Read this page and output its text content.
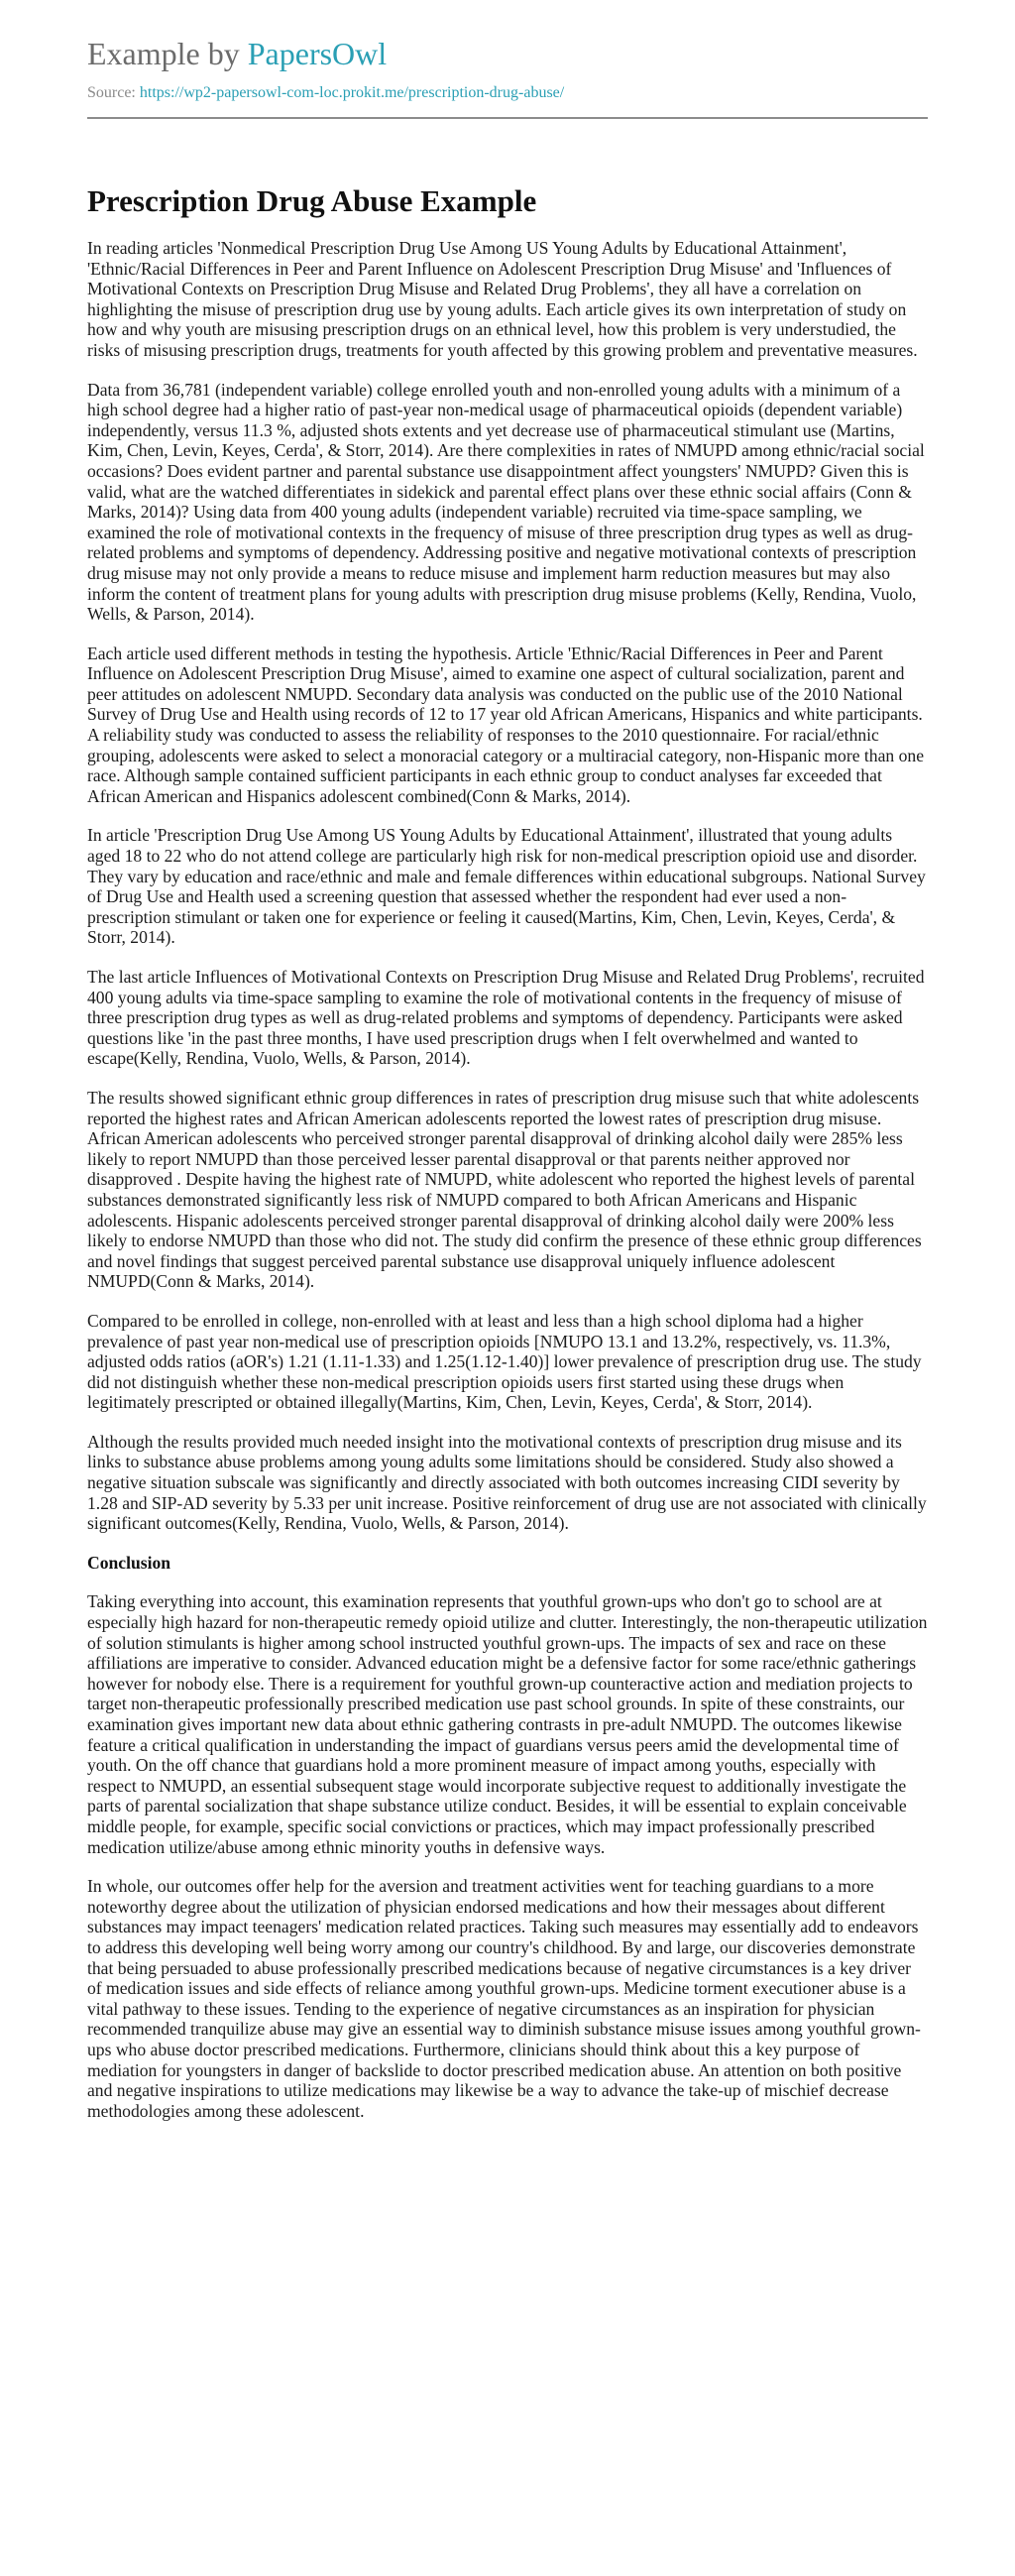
Example by PapersOwl
Source: https://wp2-papersowl-com-loc.prokit.me/prescription-drug-abuse/
Prescription Drug Abuse Example

In reading articles 'Nonmedical Prescription Drug Use Among US Young Adults by Educational Attainment', 'Ethnic/Racial Differences in Peer and Parent Influence on Adolescent Prescription Drug Misuse' and 'Influences of Motivational Contexts on Prescription Drug Misuse and Related Drug Problems', they all have a correlation on highlighting the misuse of prescription drug use by young adults. Each article gives its own interpretation of study on how and why youth are misusing prescription drugs on an ethnical level, how this problem is very understudied, the risks of misusing prescription drugs, treatments for youth affected by this growing problem and preventative measures.

Data from 36,781 (independent variable) college enrolled youth and non-enrolled young adults with a minimum of a high school degree had a higher ratio of past-year non-medical usage of pharmaceutical opioids (dependent variable) independently, versus 11.3 %, adjusted shots extents and yet decrease use of pharmaceutical stimulant use (Martins, Kim, Chen, Levin, Keyes, Cerda', & Storr, 2014). Are there complexities in rates of NMUPD among ethnic/racial social occasions? Does evident partner and parental substance use disappointment affect youngsters' NMUPD? Given this is valid, what are the watched differentiates in sidekick and parental effect plans over these ethnic social affairs (Conn & Marks, 2014)? Using data from 400 young adults (independent variable) recruited via time-space sampling, we examined the role of motivational contexts in the frequency of misuse of three prescription drug types as well as drug-related problems and symptoms of dependency. Addressing positive and negative motivational contexts of prescription drug misuse may not only provide a means to reduce misuse and implement harm reduction measures but may also inform the content of treatment plans for young adults with prescription drug misuse problems (Kelly, Rendina, Vuolo, Wells, & Parson, 2014).

Each article used different methods in testing the hypothesis. Article 'Ethnic/Racial Differences in Peer and Parent Influence on Adolescent Prescription Drug Misuse', aimed to examine one aspect of cultural socialization, parent and peer attitudes on adolescent NMUPD. Secondary data analysis was conducted on the public use of the 2010 National Survey of Drug Use and Health using records of 12 to 17 year old African Americans, Hispanics and white participants. A reliability study was conducted to assess the reliability of responses to the 2010 questionnaire. For racial/ethnic grouping, adolescents were asked to select a monoracial category or a multiracial category, non-Hispanic more than one race. Although sample contained sufficient participants in each ethnic group to conduct analyses far exceeded that African American and Hispanics adolescent combined(Conn & Marks, 2014).

In article 'Prescription Drug Use Among US Young Adults by Educational Attainment', illustrated that young adults aged 18 to 22 who do not attend college are particularly high risk for non-medical prescription opioid use and disorder. They vary by education and race/ethnic and male and female differences within educational subgroups. National Survey of Drug Use and Health used a screening question that assessed whether the respondent had ever used a non-prescription stimulant or taken one for experience or feeling it caused(Martins, Kim, Chen, Levin, Keyes, Cerda', & Storr, 2014).

The last article Influences of Motivational Contexts on Prescription Drug Misuse and Related Drug Problems', recruited 400 young adults via time-space sampling to examine the role of motivational contents in the frequency of misuse of three prescription drug types as well as drug-related problems and symptoms of dependency. Participants were asked questions like 'in the past three months, I have used prescription drugs when I felt overwhelmed and wanted to escape(Kelly, Rendina, Vuolo, Wells, & Parson, 2014).

The results showed significant ethnic group differences in rates of prescription drug misuse such that white adolescents reported the highest rates and African American adolescents reported the lowest rates of prescription drug misuse. African American adolescents who perceived stronger parental disapproval of drinking alcohol daily were 285% less likely to report NMUPD than those perceived lesser parental disapproval or that parents neither approved nor disapproved . Despite having the highest rate of NMUPD, white adolescent who reported the highest levels of parental substances demonstrated significantly less risk of NMUPD compared to both African Americans and Hispanic adolescents. Hispanic adolescents perceived stronger parental disapproval of drinking alcohol daily were 200% less likely to endorse NMUPD than those who did not. The study did confirm the presence of these ethnic group differences and novel findings that suggest perceived parental substance use disapproval uniquely influence adolescent NMUPD(Conn & Marks, 2014).

Compared to be enrolled in college, non-enrolled with at least and less than a high school diploma had a higher prevalence of past year non-medical use of prescription opioids [NMUPO 13.1 and 13.2%, respectively, vs. 11.3%, adjusted odds ratios (aOR's) 1.21 (1.11-1.33) and 1.25(1.12-1.40)] lower prevalence of prescription drug use. The study did not distinguish whether these non-medical prescription opioids users first started using these drugs when legitimately prescripted or obtained illegally(Martins, Kim, Chen, Levin, Keyes, Cerda', & Storr, 2014).

Although the results provided much needed insight into the motivational contexts of prescription drug misuse and its links to substance abuse problems among young adults some limitations should be considered. Study also showed a negative situation subscale was significantly and directly associated with both outcomes increasing CIDI severity by 1.28 and SIP-AD severity by 5.33 per unit increase. Positive reinforcement of drug use are not associated with clinically significant outcomes(Kelly, Rendina, Vuolo, Wells, & Parson, 2014).

Conclusion

Taking everything into account, this examination represents that youthful grown-ups who don't go to school are at especially high hazard for non-therapeutic remedy opioid utilize and clutter. Interestingly, the non-therapeutic utilization of solution stimulants is higher among school instructed youthful grown-ups. The impacts of sex and race on these affiliations are imperative to consider. Advanced education might be a defensive factor for some race/ethnic gatherings however for nobody else. There is a requirement for youthful grown-up counteractive action and mediation projects to target non-therapeutic professionally prescribed medication use past school grounds. In spite of these constraints, our examination gives important new data about ethnic gathering contrasts in pre-adult NMUPD. The outcomes likewise feature a critical qualification in understanding the impact of guardians versus peers amid the developmental time of youth. On the off chance that guardians hold a more prominent measure of impact among youths, especially with respect to NMUPD, an essential subsequent stage would incorporate subjective request to additionally investigate the parts of parental socialization that shape substance utilize conduct. Besides, it will be essential to explain conceivable middle people, for example, specific social convictions or practices, which may impact professionally prescribed medication utilize/abuse among ethnic minority youths in defensive ways.

In whole, our outcomes offer help for the aversion and treatment activities went for teaching guardians to a more noteworthy degree about the utilization of physician endorsed medications and how their messages about different substances may impact teenagers' medication related practices. Taking such measures may essentially add to endeavors to address this developing well being worry among our country's childhood. By and large, our discoveries demonstrate that being persuaded to abuse professionally prescribed medications because of negative circumstances is a key driver of medication issues and side effects of reliance among youthful grown-ups. Medicine torment executioner abuse is a vital pathway to these issues. Tending to the experience of negative circumstances as an inspiration for physician recommended tranquilize abuse may give an essential way to diminish substance misuse issues among youthful grown-ups who abuse doctor prescribed medications. Furthermore, clinicians should think about this a key purpose of mediation for youngsters in danger of backslide to doctor prescribed medication abuse. An attention on both positive and negative inspirations to utilize medications may likewise be a way to advance the take-up of mischief decrease methodologies among these adolescent.
